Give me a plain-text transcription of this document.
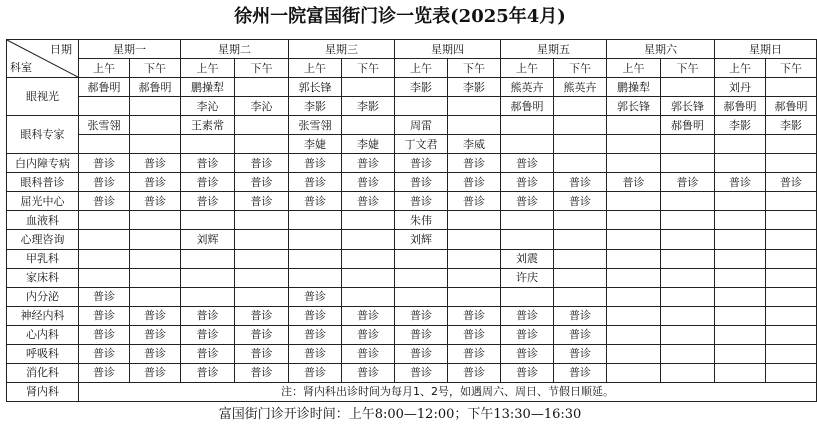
徐州一院富国街门诊一览表(2025年4月)
日期
科室	星期一		星期二		星期三		星期四		星期五		星期六		星期日	
	上午	下午	上午	下午	上午	下午	上午	下午	上午	下午	上午	下午	上午	下午
眼视光	郝鲁明	郝鲁明	鹏操犁		郭长锋		李影	李影	熊英卉	熊英卉	鹏操犁		刘丹	
			李沁	李沁	李影	李影			郝鲁明		郭长锋	郭长锋	郝鲁明	郝鲁明
眼科专家	张雪翎		王素常		张雪翎		周雷					郝鲁明	李影	李影
					李婕	李婕	丁文君	李威						
白内障专病	普诊	普诊	普诊	普诊	普诊	普诊	普诊	普诊	普诊					
眼科普诊	普诊	普诊	普诊	普诊	普诊	普诊	普诊	普诊	普诊	普诊	普诊	普诊	普诊	普诊
屈光中心	普诊	普诊	普诊	普诊	普诊	普诊	普诊	普诊	普诊	普诊				
血液科							朱伟							
心理咨询			刘辉				刘辉							
甲乳科									刘震					
家床科									许庆					
内分泌	普诊				普诊									
神经内科	普诊	普诊	普诊	普诊	普诊	普诊	普诊	普诊	普诊	普诊				
心内科	普诊	普诊	普诊	普诊	普诊	普诊	普诊	普诊	普诊	普诊				
呼吸科	普诊	普诊	普诊	普诊	普诊	普诊	普诊	普诊	普诊	普诊				
消化科	普诊	普诊	普诊	普诊	普诊	普诊	普诊	普诊	普诊	普诊				
肾内科	注：肾内科出诊时间为每月1、2号，如遇周六、周日、节假日顺延。													
富国街门诊开诊时间：上午8:00—12:00；下午13:30—16:30
